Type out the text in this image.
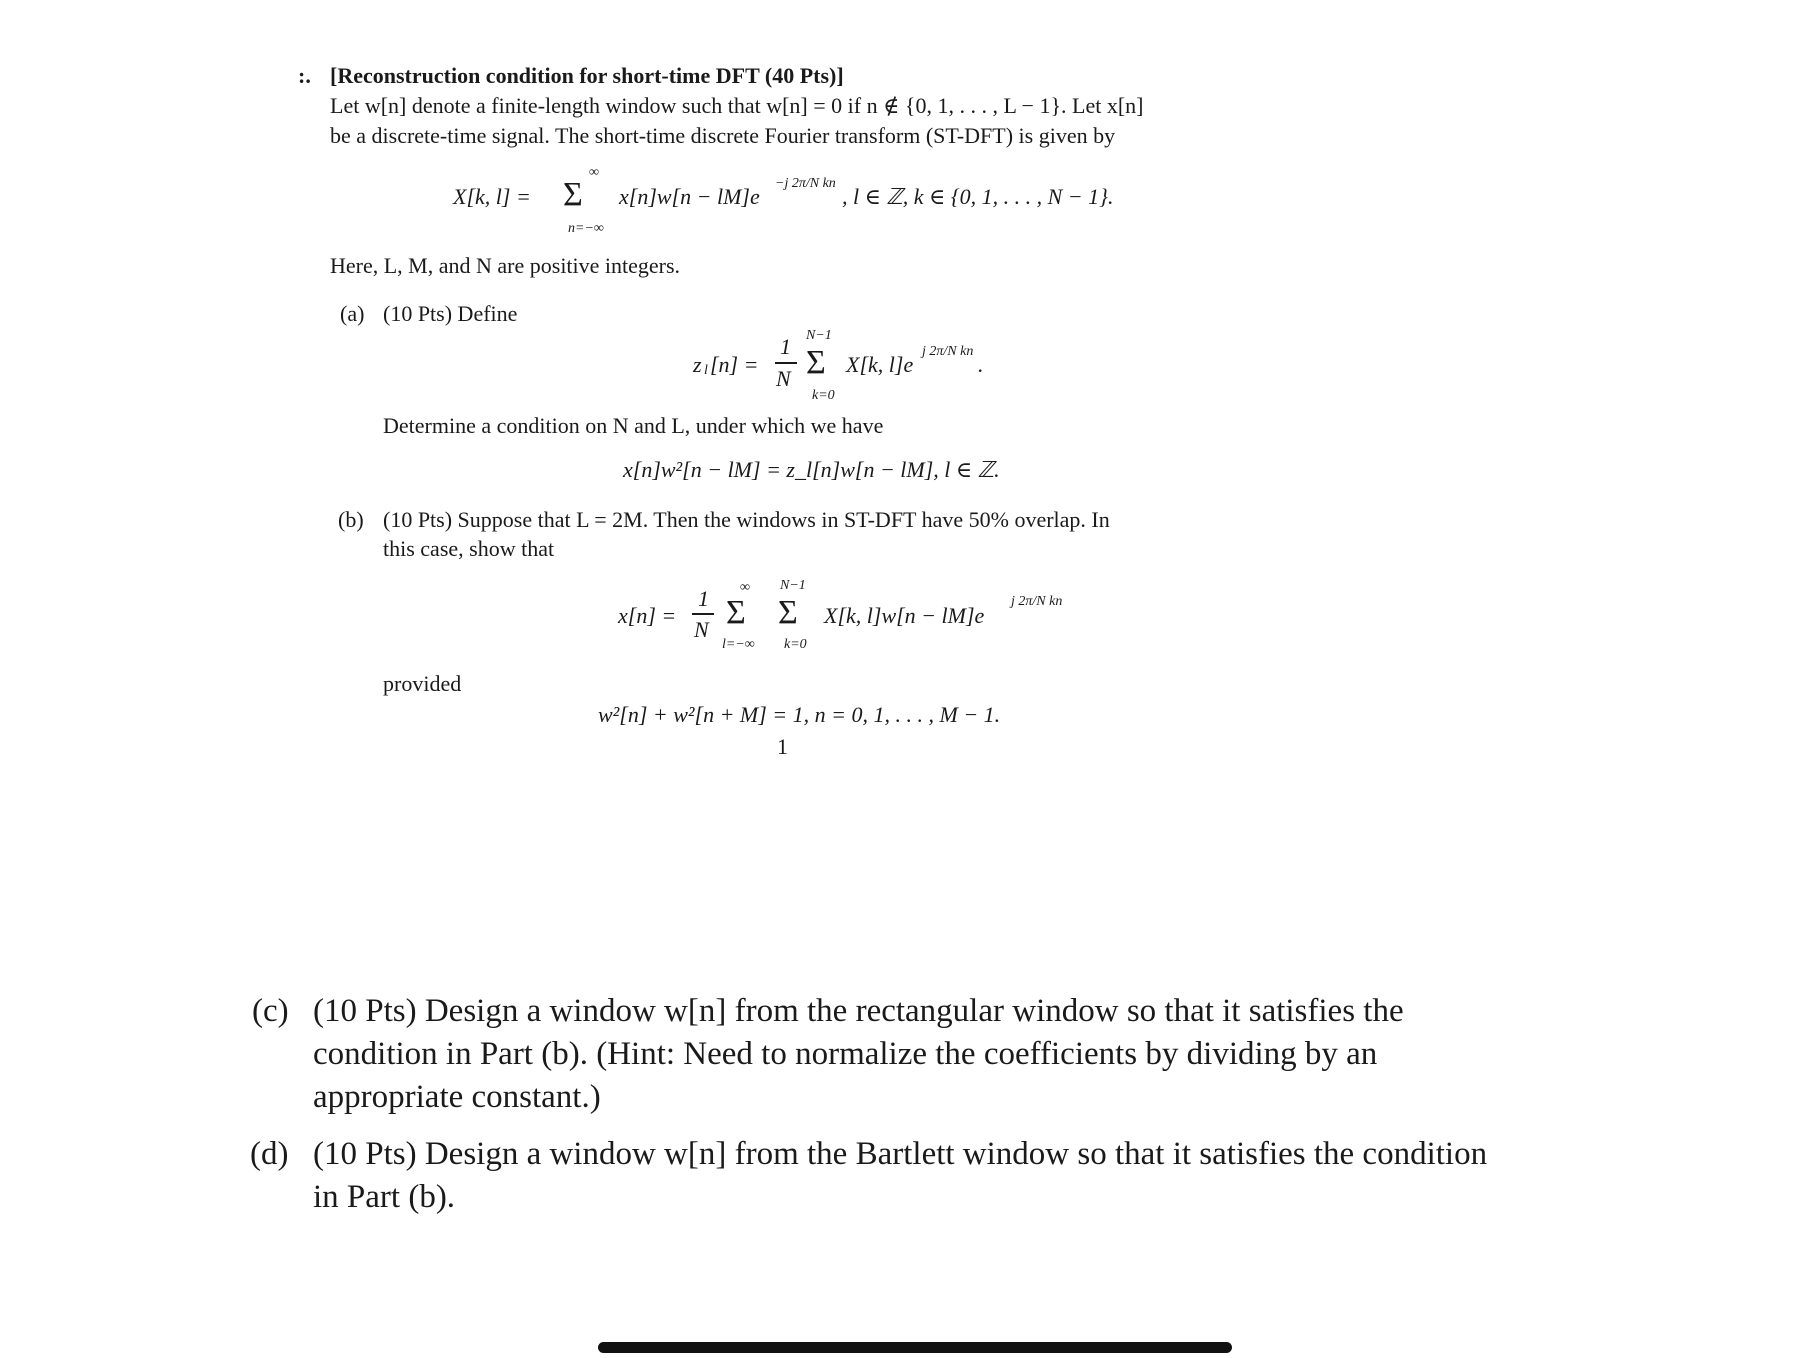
:. [Reconstruction condition for short-time DFT (40 Pts)]
Let w[n] denote a finite-length window such that w[n] = 0 if n ∉ {0, 1, . . . , L − 1}. Let x[n]
be a discrete-time signal. The short-time discrete Fourier transform (ST-DFT) is given by
X[k, l] =
∞
Σ
n=−∞
x[n]w[n − lM]e
−j 2π/N kn
, l ∈ ℤ, k ∈ {0, 1, . . . , N − 1}.
Here, L, M, and N are positive integers.
(a) (10 Pts) Define
z l [n] =
1
N
N−1
Σ
k=0
X[k, l]e
j 2π/N kn
.
Determine a condition on N and L, under which we have
x[n]w²[n − lM] = z_l[n]w[n − lM], l ∈ ℤ.
(b) (10 Pts) Suppose that L = 2M. Then the windows in ST-DFT have 50% overlap. In
this case, show that
x[n] =
1
N
∞
Σ
l=−∞
N−1
Σ
k=0
X[k, l]w[n − lM]e
j 2π/N kn
provided
w²[n] + w²[n + M] = 1, n = 0, 1, . . . , M − 1.
1
(c) (10 Pts) Design a window w[n] from the rectangular window so that it satisfies the
condition in Part (b). (Hint: Need to normalize the coefficients by dividing by an
appropriate constant.)
(d) (10 Pts) Design a window w[n] from the Bartlett window so that it satisfies the condition
in Part (b).
